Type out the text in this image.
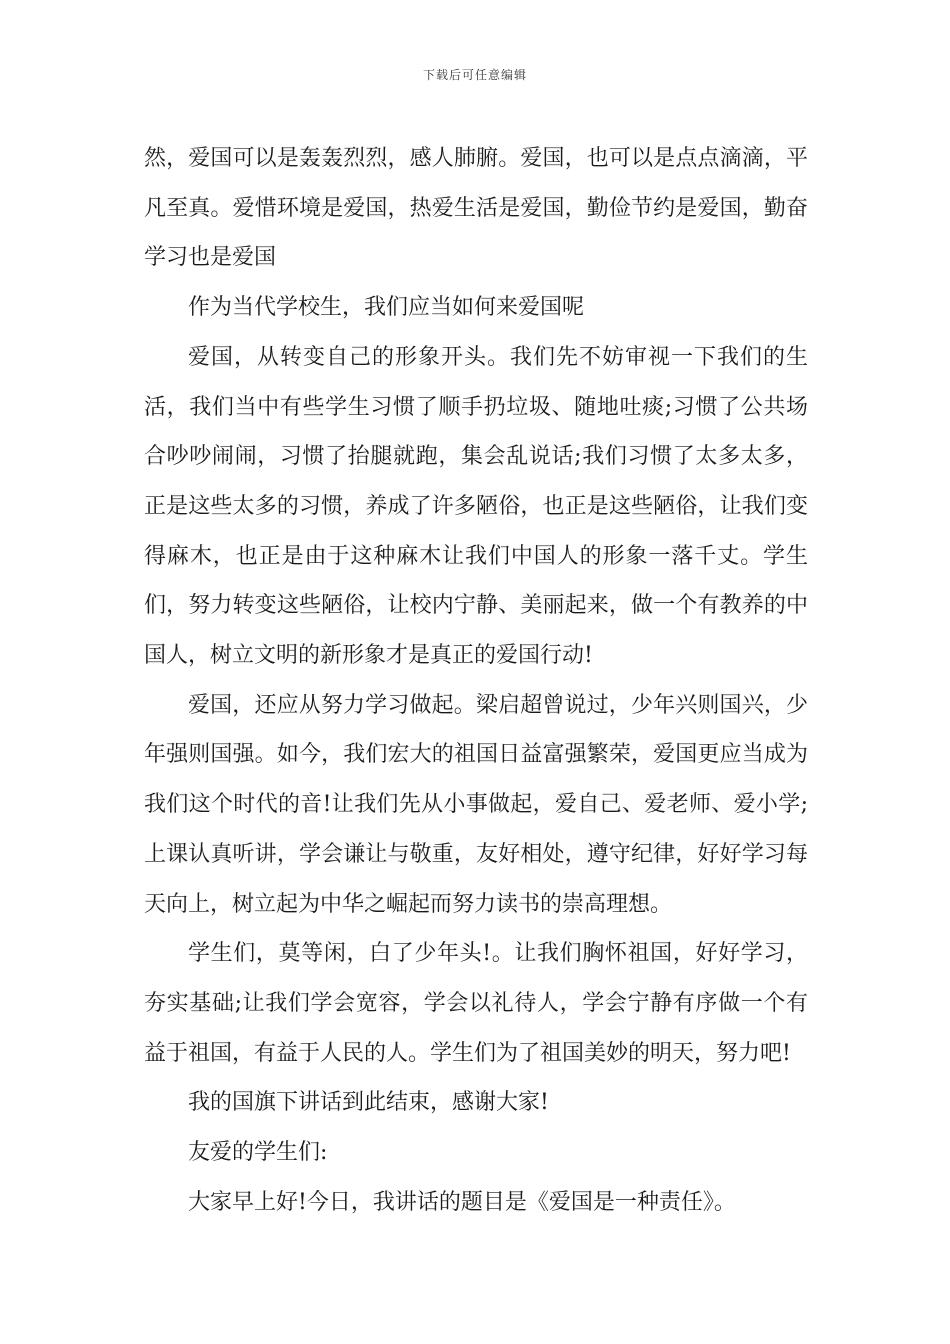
下载后可任意编辑

然，爱国可以是轰轰烈烈，感人肺腑。爱国，也可以是点点滴滴，平凡至真。爱惜环境是爱国，热爱生活是爱国，勤俭节约是爱国，勤奋学习也是爱国

作为当代学校生，我们应当如何来爱国呢

爱国，从转变自己的形象开头。我们先不妨审视一下我们的生活，我们当中有些学生习惯了顺手扔垃圾、随地吐痰;习惯了公共场合吵吵闹闹，习惯了抬腿就跑，集会乱说话;我们习惯了太多太多，正是这些太多的习惯，养成了许多陋俗，也正是这些陋俗，让我们变得麻木，也正是由于这种麻木让我们中国人的形象一落千丈。学生们，努力转变这些陋俗，让校内宁静、美丽起来，做一个有教养的中国人，树立文明的新形象才是真正的爱国行动!

爱国，还应从努力学习做起。梁启超曾说过，少年兴则国兴，少年强则国强。如今，我们宏大的祖国日益富强繁荣，爱国更应当成为我们这个时代的音!让我们先从小事做起，爱自己、爱老师、爱小学;上课认真听讲，学会谦让与敬重，友好相处，遵守纪律，好好学习每天向上，树立起为中华之崛起而努力读书的崇高理想。

学生们，莫等闲，白了少年头!。让我们胸怀祖国，好好学习，夯实基础;让我们学会宽容，学会以礼待人，学会宁静有序做一个有益于祖国，有益于人民的人。学生们为了祖国美妙的明天，努力吧!

我的国旗下讲话到此结束，感谢大家!

友爱的学生们:

大家早上好!今日，我讲话的题目是《爱国是一种责任》。
